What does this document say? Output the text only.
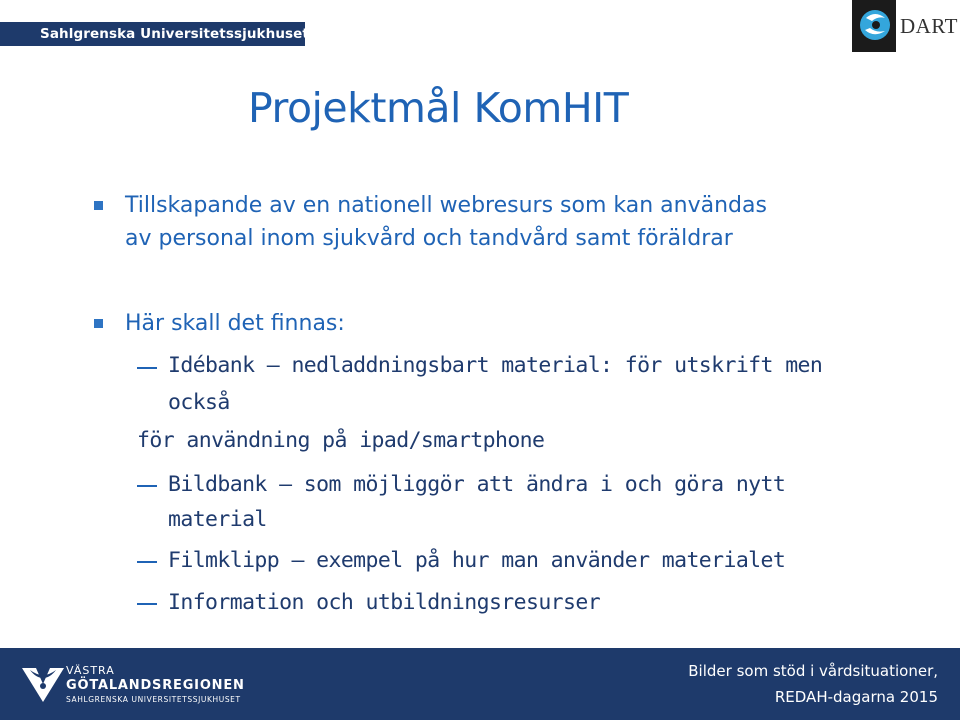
Sahlgrenska Universitetssjukhuset	DART
Projektmål KomHIT
Tillskapande av en nationell webresurs som kan användas
av personal inom sjukvård och tandvård samt föräldrar
Här skall det finnas:
Idébank – nedladdningsbart material: för utskrift men
också
för användning på ipad/smartphone
Bildbank – som möjliggör att ändra i och göra nytt
material
Filmklipp – exempel på hur man använder materialet
Information och utbildningsresurser
VÄSTRA
GÖTALANDSREGIONEN
SAHLGRENSKA UNIVERSITETSSJUKHUSET
Bilder som stöd i vårdsituationer,
REDAH-dagarna 2015
